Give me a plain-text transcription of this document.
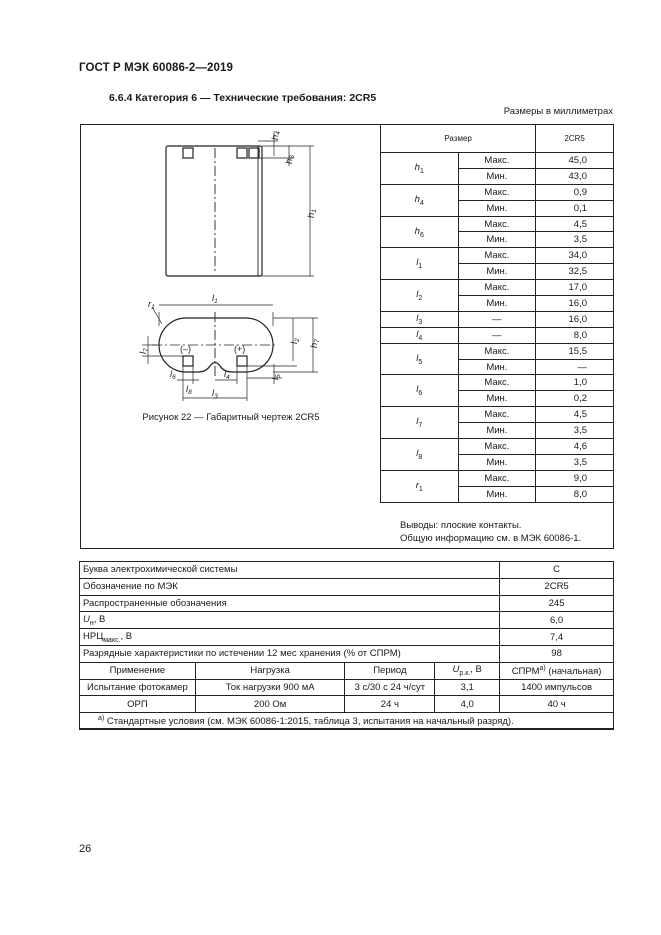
ГОСТ Р МЭК 60086-2—2019
6.6.4 Категория 6 — Технические требования: 2CR5
Размеры в миллиметрах
$h_1$
$h_4$
$h_6$
$h_7$
$l_2$
$l_1$
$l_3$
$l_4$	$l_5$
$l_6$
$l_7$
$l_8$
$r_1$
(–)	(+)
Рисунок 22 — Габаритный чертеж 2CR5
Размер		2CR5
$h_1$	Макс.	45,0
	Мин.	43,0
$h_4$	Макс.	0,9
	Мин.	0,1
$h_6$	Макс.	4,5
	Мин.	3,5
$l_1$	Макс.	34,0
	Мин.	32,5
$l_2$	Макс.	17,0
	Мин.	16,0
$l_3$	—	16,0
$l_4$	—	8,0
$l_5$	Макс.	15,5
	Мин.	—
$l_6$	Макс.	1,0
	Мин.	0,2
$l_7$	Макс.	4,5
	Мин.	3,5
$l_8$	Макс.	4,6
	Мин.	3,5
$r_1$	Макс.	9,0
	Мин.	8,0
Выводы: плоские контакты.
Общую информацию см. в МЭК 60086-1.
Буква электрохимической системы				C
Обозначение по МЭК				2CR5
Распространенные обозначения				245
$U_н$, В				6,0
$НРЦ_{макс.}$, В				7,4
Разрядные характеристики по истечении 12 мес хранения (% от СПРМ)				98
Применение	Нагрузка	Период	$U_{р.к.}$, В	$СПРМ^{а)}$ (начальная)
Испытание фотокамер	Ток нагрузки 900 мА	3 с/30 с 24 ч/сут	3,1	1400 импульсов
ОРП	200 Ом	24 ч	4,0	40 ч
$^{а)}$ Стандартные условия (см. МЭК 60086-1:2015, таблица 3, испытания на начальный разряд).				
26
